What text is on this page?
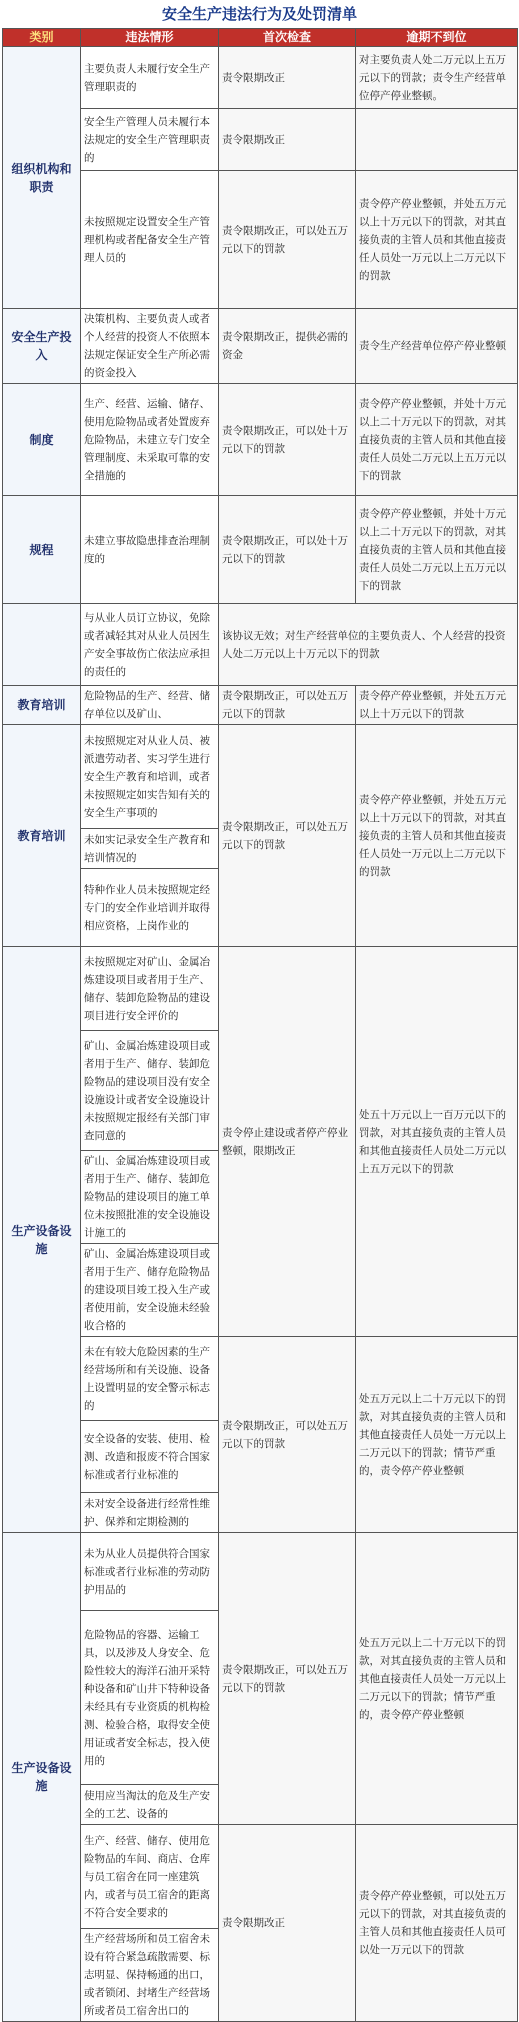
安全生产违法行为及处罚清单
类别	违法情形	首次检查	逾期不到位
组织机构和职责	主要负责人未履行安全生产管理职责的	责令限期改正	对主要负责人处二万元以上五万元以下的罚款；责令生产经营单位停产停业整顿。
	安全生产管理人员未履行本法规定的安全生产管理职责的	责令限期改正	
	未按照规定设置安全生产管理机构或者配备安全生产管理人员的	责令限期改正，可以处五万元以下的罚款	责令停产停业整顿，并处五万元以上十万元以下的罚款，对其直接负责的主管人员和其他直接责任人员处一万元以上二万元以下的罚款
安全生产投入	决策机构、主要负责人或者个人经营的投资人不依照本法规定保证安全生产所必需的资金投入	责令限期改正，提供必需的资金	责令生产经营单位停产停业整顿
制度	生产、经营、运输、储存、使用危险物品或者处置废弃危险物品，未建立专门安全管理制度、未采取可靠的安全措施的	责令限期改正，可以处十万元以下的罚款	责令停产停业整顿，并处十万元以上二十万元以下的罚款，对其直接负责的主管人员和其他直接责任人员处二万元以上五万元以下的罚款
规程	未建立事故隐患排查治理制度的	责令限期改正，可以处十万元以下的罚款	责令停产停业整顿，并处十万元以上二十万元以下的罚款，对其直接负责的主管人员和其他直接责任人员处二万元以上五万元以下的罚款
	与从业人员订立协议，免除或者减轻其对从业人员因生产安全事故伤亡依法应承担的责任的	该协议无效；对生产经营单位的主要负责人、个人经营的投资人处二万元以上十万元以下的罚款	
教育培训	危险物品的生产、经营、储存单位以及矿山、	责令限期改正，可以处五万元以下的罚款	责令停产停业整顿，并处五万元以上十万元以下的罚款
教育培训	未按照规定对从业人员、被派遣劳动者、实习学生进行安全生产教育和培训，或者未按照规定如实告知有关的安全生产事项的	责令限期改正，可以处五万元以下的罚款	责令停产停业整顿，并处五万元以上十万元以下的罚款，对其直接负责的主管人员和其他直接责任人员处一万元以上二万元以下的罚款
	未如实记录安全生产教育和培训情况的		
	特种作业人员未按照规定经专门的安全作业培训并取得相应资格，上岗作业的		
生产设备设施	未按照规定对矿山、金属冶炼建设项目或者用于生产、储存、装卸危险物品的建设项目进行安全评价的	责令停止建设或者停产停业整顿，限期改正	处五十万元以上一百万元以下的罚款，对其直接负责的主管人员和其他直接责任人员处二万元以上五万元以下的罚款
	矿山、金属冶炼建设项目或者用于生产、储存、装卸危险物品的建设项目没有安全设施设计或者安全设施设计未按照规定报经有关部门审查同意的		
	矿山、金属冶炼建设项目或者用于生产、储存、装卸危险物品的建设项目的施工单位未按照批准的安全设施设计施工的		
	矿山、金属冶炼建设项目或者用于生产、储存危险物品的建设项目竣工投入生产或者使用前，安全设施未经验收合格的		
	未在有较大危险因素的生产经营场所和有关设施、设备上设置明显的安全警示标志的	责令限期改正，可以处五万元以下的罚款	处五万元以上二十万元以下的罚款，对其直接负责的主管人员和其他直接责任人员处一万元以上二万元以下的罚款；情节严重的，责令停产停业整顿
	安全设备的安装、使用、检测、改造和报废不符合国家标准或者行业标准的		
	未对安全设备进行经常性维护、保养和定期检测的		
生产设备设施	未为从业人员提供符合国家标准或者行业标准的劳动防护用品的	责令限期改正，可以处五万元以下的罚款	处五万元以上二十万元以下的罚款，对其直接负责的主管人员和其他直接责任人员处一万元以上二万元以下的罚款；情节严重的，责令停产停业整顿
	危险物品的容器、运输工具，以及涉及人身安全、危险性较大的海洋石油开采特种设备和矿山井下特种设备未经具有专业资质的机构检测、检验合格，取得安全使用证或者安全标志，投入使用的		
	使用应当淘汰的危及生产安全的工艺、设备的		
	生产、经营、储存、使用危险物品的车间、商店、仓库与员工宿舍在同一座建筑内，或者与员工宿舍的距离不符合安全要求的	责令限期改正	责令停产停业整顿，可以处五万元以下的罚款，对其直接负责的主管人员和其他直接责任人员可以处一万元以下的罚款
	生产经营场所和员工宿舍未设有符合紧急疏散需要、标志明显、保持畅通的出口，或者锁闭、封堵生产经营场所或者员工宿舍出口的		
